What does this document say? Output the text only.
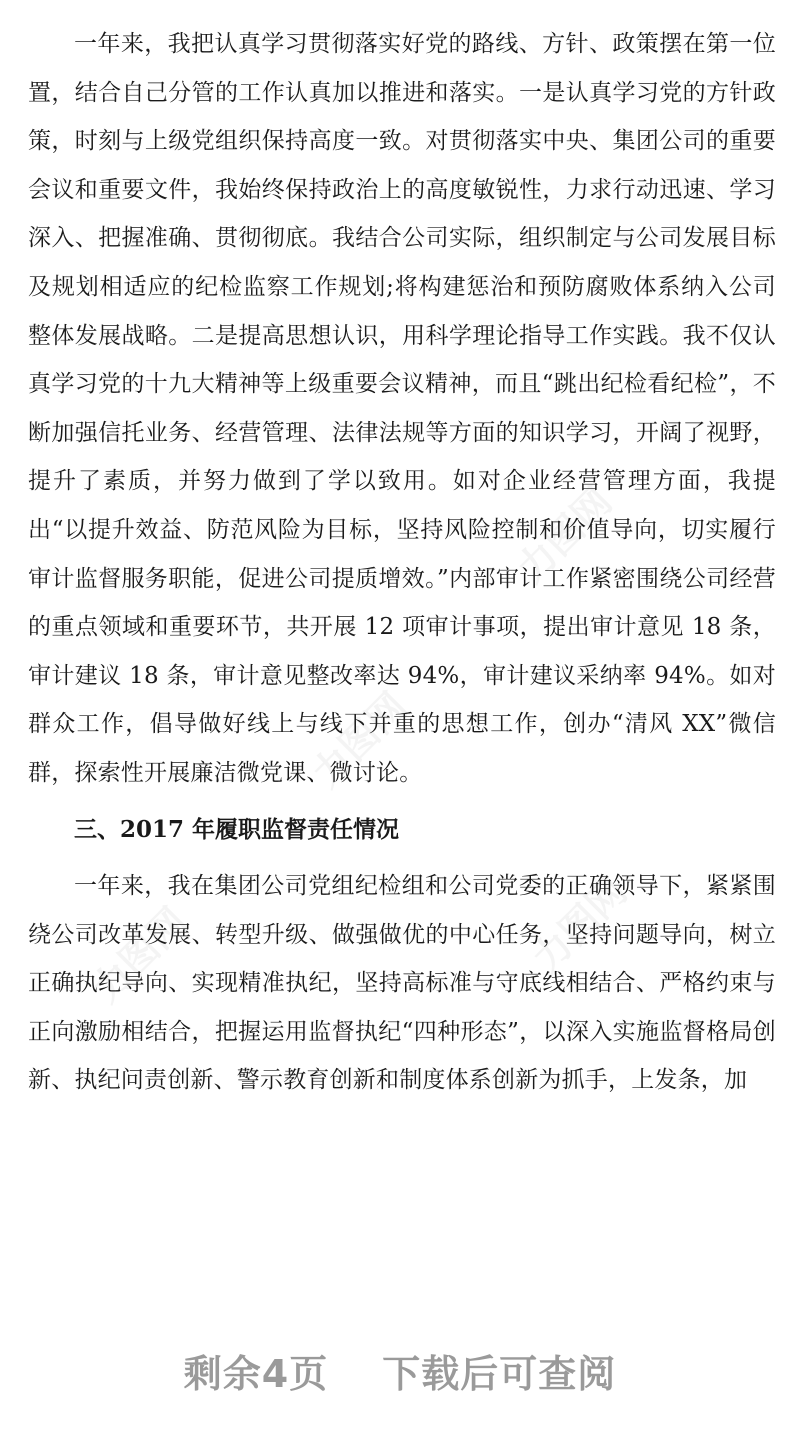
力图网
力图网
力图网
力图网

一年来，我把认真学习贯彻落实好党的路线、方针、政策摆在第一位置，结合自己分管的工作认真加以推进和落实。一是认真学习党的方针政策，时刻与上级党组织保持高度一致。对贯彻落实中央、集团公司的重要会议和重要文件，我始终保持政治上的高度敏锐性，力求行动迅速、学习深入、把握准确、贯彻彻底。我结合公司实际，组织制定与公司发展目标及规划相适应的纪检监察工作规划;将构建惩治和预防腐败体系纳入公司整体发展战略。二是提高思想认识，用科学理论指导工作实践。我不仅认真学习党的十九大精神等上级重要会议精神，而且“跳出纪检看纪检”，不断加强信托业务、经营管理、法律法规等方面的知识学习，开阔了视野，提升了素质，并努力做到了学以致用。如对企业经营管理方面，我提出“以提升效益、防范风险为目标，坚持风险控制和价值导向，切实履行审计监督服务职能，促进公司提质增效。”内部审计工作紧密围绕公司经营的重点领域和重要环节，共开展 12 项审计事项，提出审计意见 18 条，审计建议 18 条，审计意见整改率达 94%，审计建议采纳率 94%。如对群众工作，倡导做好线上与线下并重的思想工作，创办“清风 XX”微信群，探索性开展廉洁微党课、微讨论。

三、2017 年履职监督责任情况

一年来，我在集团公司党组纪检组和公司党委的正确领导下，紧紧围绕公司改革发展、转型升级、做强做优的中心任务，坚持问题导向，树立正确执纪导向、实现精准执纪，坚持高标准与守底线相结合、严格约束与正向激励相结合，把握运用监督执纪“四种形态”，以深入实施监督格局创新、执纪问责创新、警示教育创新和制度体系创新为抓手，上发条，加

剩余4页 下载后可查阅
